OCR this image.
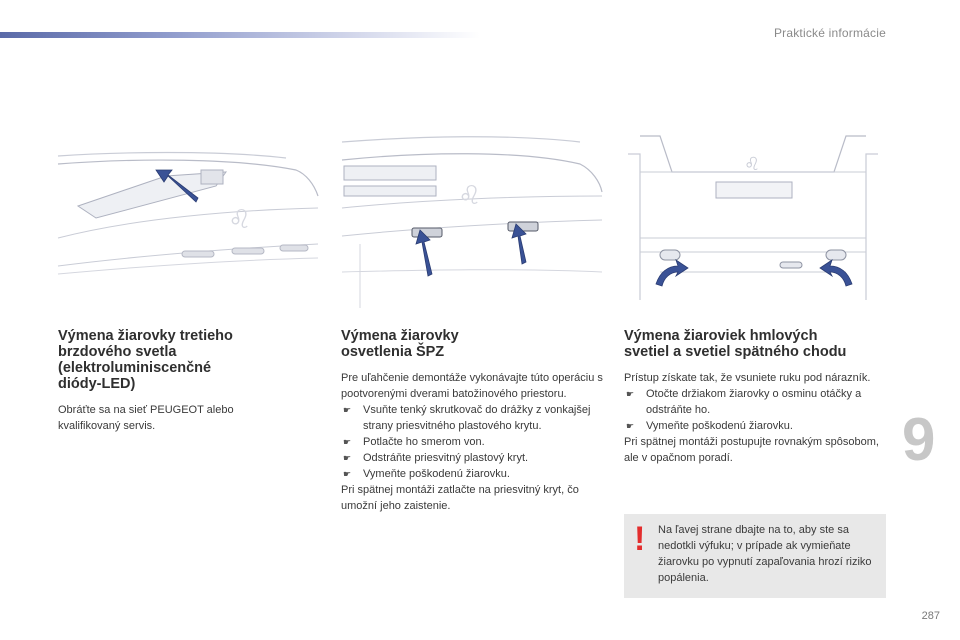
Praktické informácie
9
287
♌
♌
♌
Výmena žiarovky tretieho
brzdového svetla
(elektroluminiscenčné
diódy-LED)

Obráťte sa na sieť PEUGEOT alebo kvalifikovaný servis.

Výmena žiarovky
osvetlenia ŠPZ

Pre uľahčenie demontáže vykonávajte túto operáciu s pootvorenými dverami batožinového priestoru.

☛ Vsuňte tenký skrutkovač do drážky z vonkajšej strany priesvitného plastového krytu.
☛ Potlačte ho smerom von.
☛ Odstráňte priesvitný plastový kryt.
☛ Vymeňte poškodenú žiarovku.

Pri spätnej montáži zatlačte na priesvitný kryt, čo umožní jeho zaistenie.

Výmena žiaroviek hmlových
svetiel a svetiel spätného chodu

Prístup získate tak, že vsuniete ruku pod nárazník.

☛ Otočte držiakom žiarovky o osminu otáčky a odstráňte ho.
☛ Vymeňte poškodenú žiarovku.

Pri spätnej montáži postupujte rovnakým spôsobom, ale v opačnom poradí.

! Na ľavej strane dbajte na to, aby ste sa nedotkli výfuku; v prípade ak vymieňate žiarovku po vypnutí zapaľovania hrozí riziko popálenia.
